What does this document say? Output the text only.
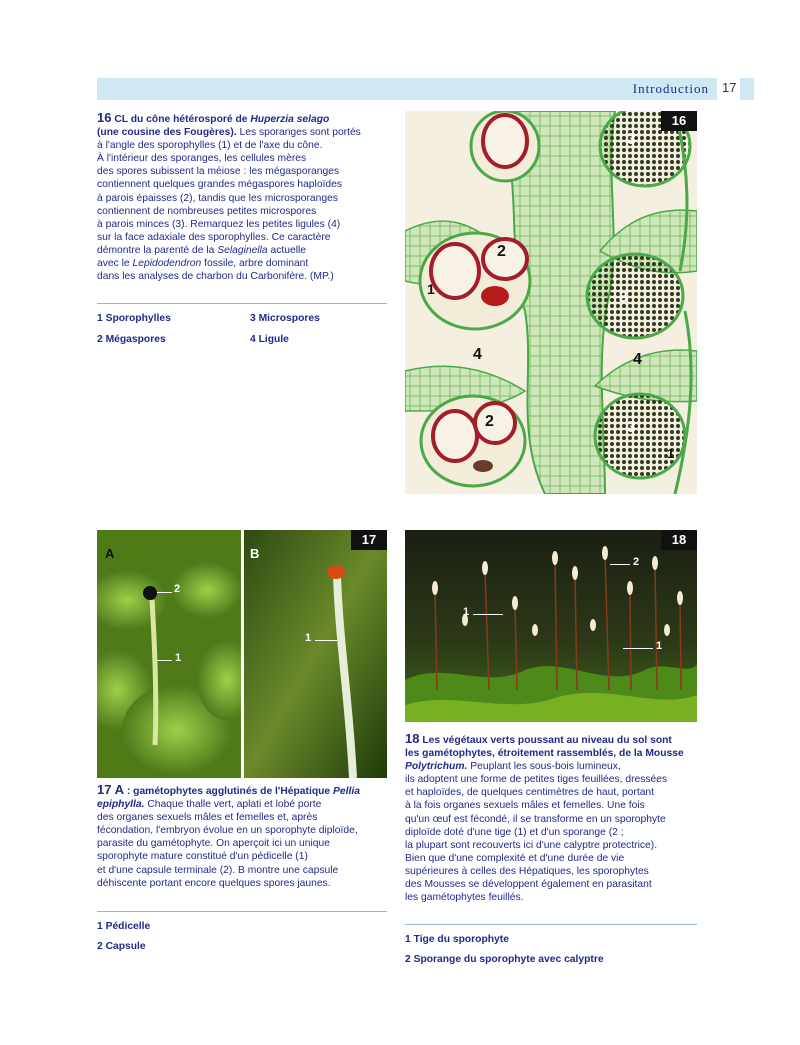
Introduction 17
16 CL du cône hétérosporé de Huperzia selago
(une cousine des Fougères). Les sporanges sont portés
à l'angle des sporophylles (1) et de l'axe du cône.
À l'intérieur des sporanges, les cellules mères
des spores subissent la méiose : les mégasporanges
contiennent quelques grandes mégaspores haploïdes
à parois épaisses (2), tandis que les microsporanges
contiennent de nombreuses petites microspores
à parois minces (3). Remarquez les petites ligules (4)
sur la face adaxiale des sporophylles. Ce caractère
démontre la parenté de la Selaginella actuelle
avec le Lepidodendron fossile, arbre dominant
dans les analyses de charbon du Carbonifère. (MP.)
1 Sporophylles	3 Microspores
2 Mégaspores	4 Ligule
16
2
1
4
2
3
3
4
3
1
17
A	B
2
1
1
17 A : gamétophytes agglutinés de l'Hépatique Pellia
epiphylla. Chaque thalle vert, aplati et lobé porte
des organes sexuels mâles et femelles et, après
fécondation, l'embryon évolue en un sporophyte diploïde,
parasite du gamétophyte. On aperçoit ici un unique
sporophyte mature constitué d'un pédicelle (1)
et d'une capsule terminale (2). B montre une capsule
déhiscente portant encore quelques spores jaunes.
1 Pédicelle
2 Capsule
18
2
1
1
18 Les végétaux verts poussant au niveau du sol sont
les gamétophytes, étroitement rassemblés, de la Mousse
Polytrichum. Peuplant les sous-bois lumineux,
ils adoptent une forme de petites tiges feuillées, dressées
et haploïdes, de quelques centimètres de haut, portant
à la fois organes sexuels mâles et femelles. Une fois
qu'un œuf est fécondé, il se transforme en un sporophyte
diploïde doté d'une tige (1) et d'un sporange (2 ;
la plupart sont recouverts ici d'une calyptre protectrice).
Bien que d'une complexité et d'une durée de vie
supérieures à celles des Hépatiques, les sporophytes
des Mousses se développent également en parasitant
les gamétophytes feuillés.
1 Tige du sporophyte
2 Sporange du sporophyte avec calyptre
